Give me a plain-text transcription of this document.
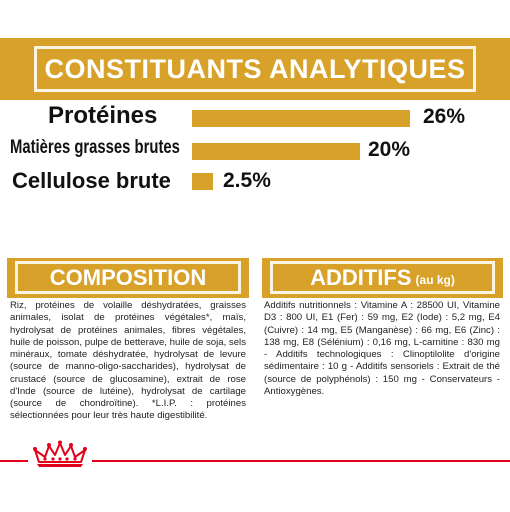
CONSTITUANTS ANALYTIQUES
Protéines	26%
Matières grasses brutes	20%
Cellulose brute 2.5%
COMPOSITION
Riz, protéines de volaille déshydratées, graisses animales, isolat de protéines végétales*, maïs, hydrolysat de protéines animales, fibres végétales, huile de poisson, pulpe de betterave, huile de soja, sels minéraux, tomate déshydratée, hydrolysat de levure (source de manno-oligo-saccharides), hydrolysat de crustacé (source de glucosamine), extrait de rose d'Inde (source de lutéine), hydrolysat de cartilage (source de chondroïtine). *L.I.P. : protéines sélectionnées pour leur très haute digestibilité.
ADDITIFS (au kg)
Additifs nutritionnels : Vitamine A : 28500 UI, Vitamine D3 : 800 UI, E1 (Fer) : 59 mg, E2 (Iode) : 5,2 mg, E4 (Cuivre) : 14 mg, E5 (Manganèse) : 66 mg, E6 (Zinc) : 138 mg, E8 (Sélénium) : 0,16 mg, L-carnitine : 830 mg - Additifs technologiques : Clinoptilolite d'origine sédimentaire : 10 g - Additifs sensoriels : Extrait de thé (source de polyphénols) : 150 mg - Conservateurs - Antioxygènes.
